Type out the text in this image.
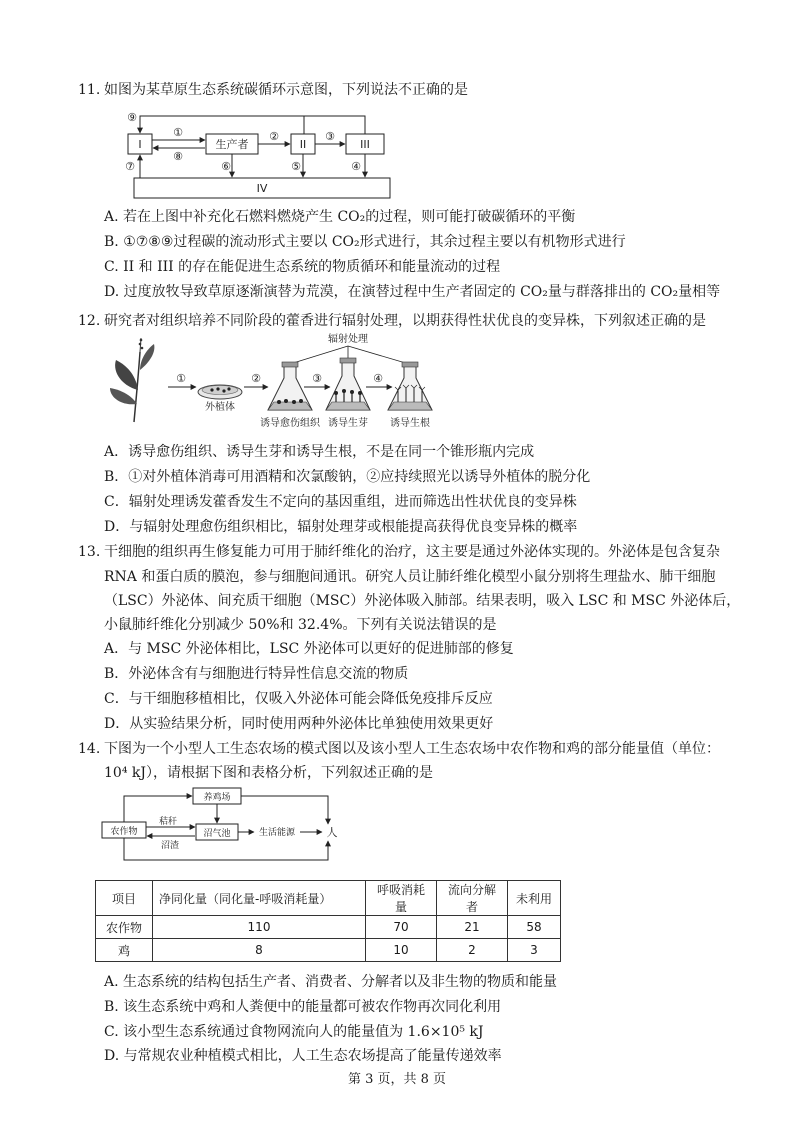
11. 如图为某草原生态系统碳循环示意图，下列说法不正确的是
I	生产者	II	III
IV
⑨
①
⑧
②	③
⑦	⑥	⑤	④
A. 若在上图中补充化石燃料燃烧产生 CO₂的过程，则可能打破碳循环的平衡
B. ①⑦⑧⑨过程碳的流动形式主要以 CO₂形式进行，其余过程主要以有机物形式进行
C. II 和 III 的存在能促进生态系统的物质循环和能量流动的过程
D. 过度放牧导致草原逐渐演替为荒漠，在演替过程中生产者固定的 CO₂量与群落排出的 CO₂量相等
12. 研究者对组织培养不同阶段的藿香进行辐射处理，以期获得性状优良的变异株，下列叙述正确的是
①	②	③	④
外植体
辐射处理
诱导愈伤组织 诱导生芽 诱导生根
A．诱导愈伤组织、诱导生芽和诱导生根，不是在同一个锥形瓶内完成
B．①对外植体消毒可用酒精和次氯酸钠，②应持续照光以诱导外植体的脱分化
C．辐射处理诱发藿香发生不定向的基因重组，进而筛选出性状优良的变异株
D．与辐射处理愈伤组织相比，辐射处理芽或根能提高获得优良变异株的概率
13. 干细胞的组织再生修复能力可用于肺纤维化的治疗，这主要是通过外泌体实现的。外泌体是包含复杂
RNA 和蛋白质的膜泡，参与细胞间通讯。研究人员让肺纤维化模型小鼠分别将生理盐水、肺干细胞
（LSC）外泌体、间充质干细胞（MSC）外泌体吸入肺部。结果表明，吸入 LSC 和 MSC 外泌体后，
小鼠肺纤维化分别减少 50%和 32.4%。下列有关说法错误的是
A．与 MSC 外泌体相比，LSC 外泌体可以更好的促进肺部的修复
B．外泌体含有与细胞进行特异性信息交流的物质
C．与干细胞移植相比，仅吸入外泌体可能会降低免疫排斥反应
D．从实验结果分析，同时使用两种外泌体比单独使用效果更好
14. 下图为一个小型人工生态农场的模式图以及该小型人工生态农场中农作物和鸡的部分能量值（单位：
10⁴ kJ），请根据下图和表格分析，下列叙述正确的是
养鸡场
农作物	沼气池
秸秆
沼渣
生活能源	人
项目	净同化量（同化量-呼吸消耗量）	呼吸消耗量	流向分解者	未利用
农作物	110	70	21	58
鸡	8	10	2	3
A. 生态系统的结构包括生产者、消费者、分解者以及非生物的物质和能量
B. 该生态系统中鸡和人粪便中的能量都可被农作物再次同化利用
C. 该小型生态系统通过食物网流向人的能量值为 1.6×10⁵ kJ
D. 与常规农业种植模式相比，人工生态农场提高了能量传递效率
第 3 页，共 8 页
